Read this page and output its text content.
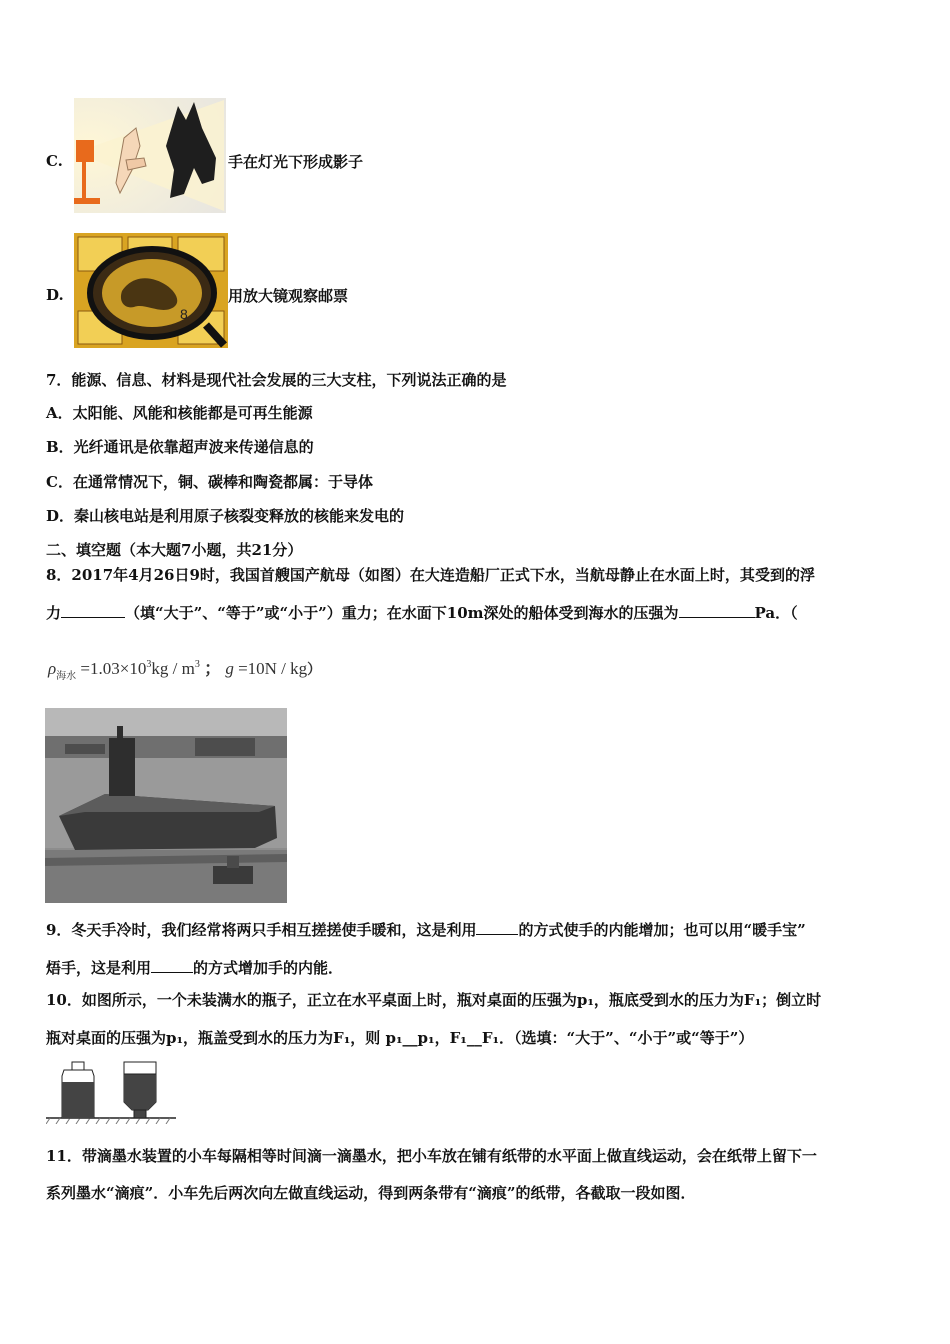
C.	手在灯光下形成影子
D.
8
用放大镜观察邮票
7．能源、信息、材料是现代社会发展的三大支柱，下列说法正确的是
A．太阳能、风能和核能都是可再生能源
B．光纤通讯是依靠超声波来传递信息的
C．在通常情况下，铜、碳棒和陶瓷都属：于导体
D．秦山核电站是利用原子核裂变释放的核能来发电的
二、填空题（本大题7小题，共21分）
8．2017年4月26日9时，我国首艘国产航母（如图）在大连造船厂正式下水，当航母静止在水面上时，其受到的浮
力	（填“大于”、“等于”或“小于”）重力；在水面下10m深处的船体受到海水的压强为	Pa．（
$\rho_{海水} =1.03\times 10^3kg / m^3$ ； g =10N / kg）
9．冬天手冷时，我们经常将两只手相互搓搓使手暖和，这是利用	的方式使手的内能增加；也可以用“暖手宝”
焐手，这是利用	的方式增加手的内能．
10．如图所示，一个未装满水的瓶子，正立在水平桌面上时，瓶对桌面的压强为p₁，瓶底受到水的压力为F₁；倒立时
瓶对桌面的压强为p₁，瓶盖受到水的压力为F₁，则 p₁__p₁，F₁__F₁．（选填：“大于”、“小于”或“等于”）
11．带滴墨水装置的小车每隔相等时间滴一滴墨水，把小车放在铺有纸带的水平面上做直线运动，会在纸带上留下一
系列墨水“滴痕”．小车先后两次向左做直线运动，得到两条带有“滴痕”的纸带，各截取一段如图．
